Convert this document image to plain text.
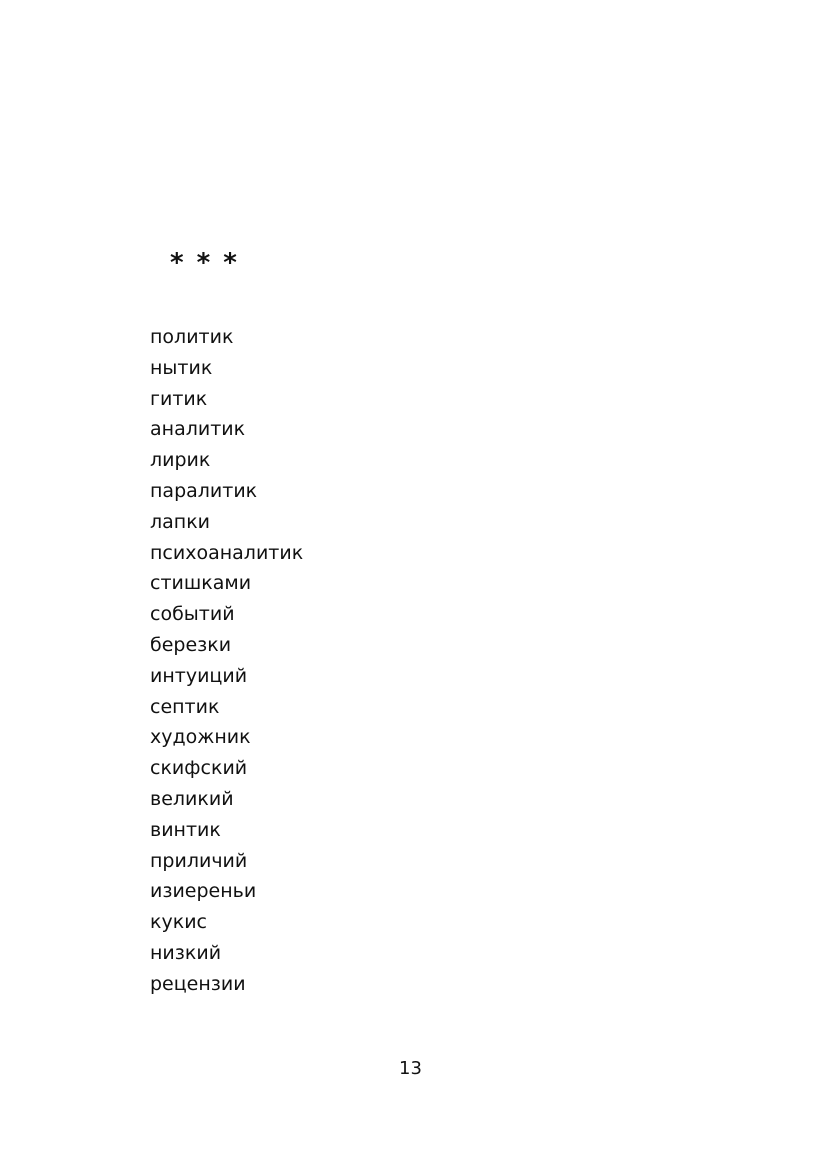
* * *

политик
нытик
гитик
аналитик
лирик
паралитик
лапки
психоаналитик
стишками
событий
березки
интуиций
септик
художник
скифский
великий
винтик
приличий
изиереньи
кукис
низкий
рецензии
13
